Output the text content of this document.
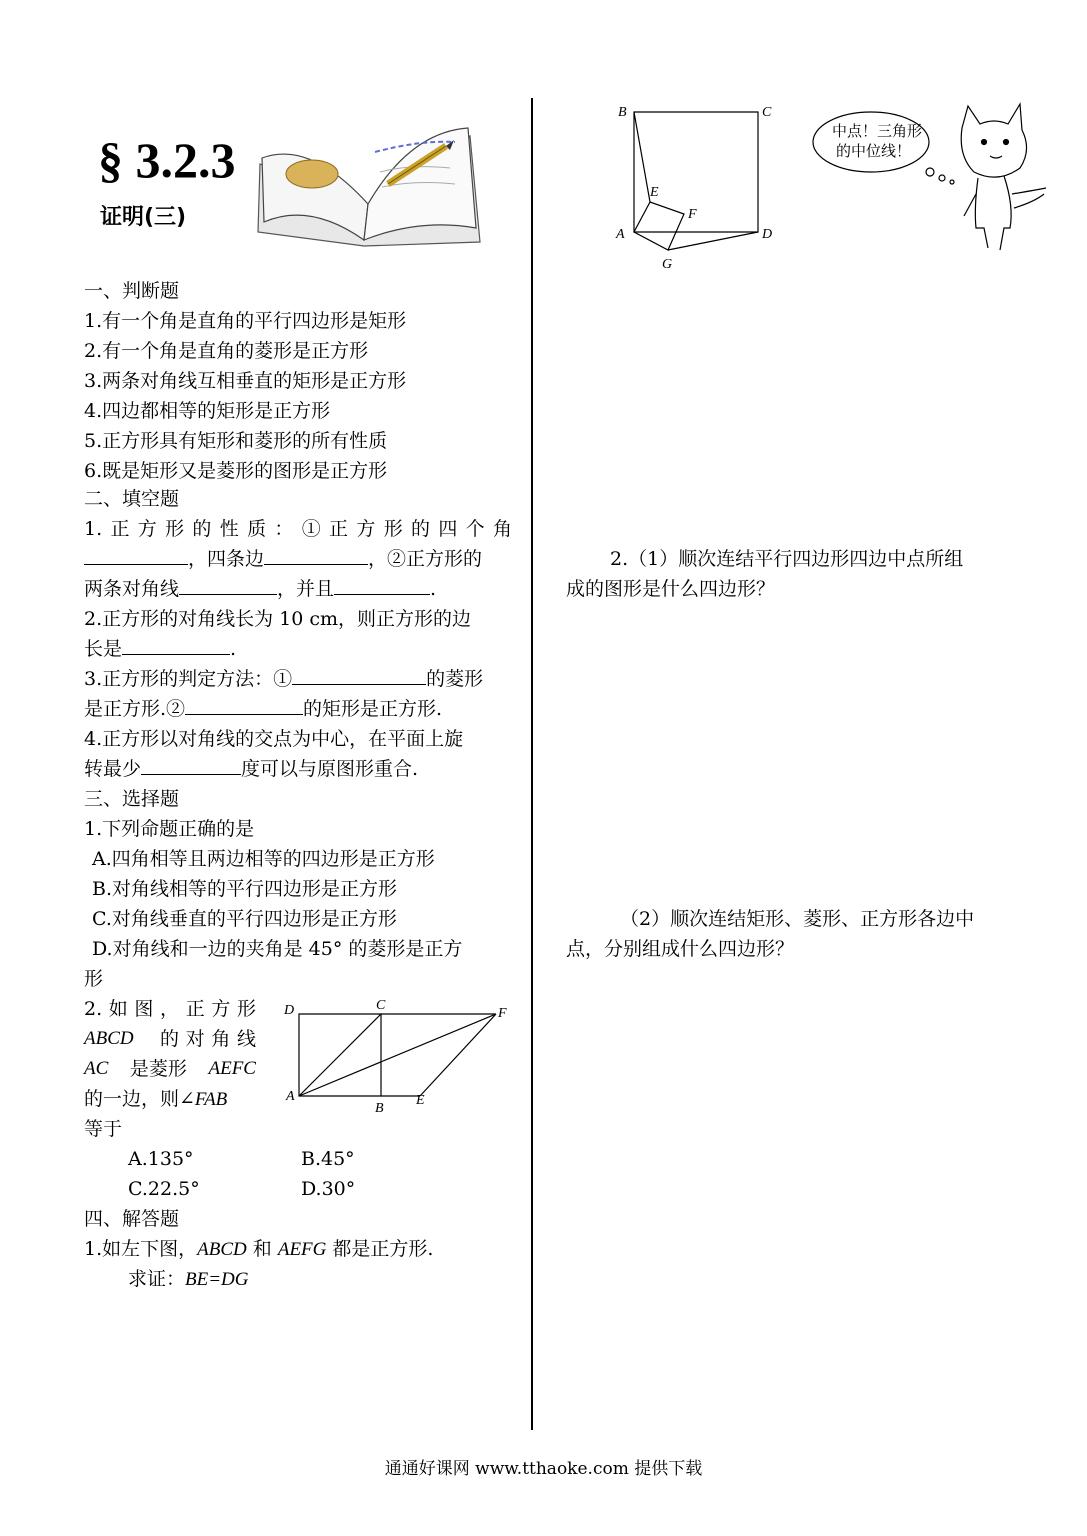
§ 3.2.3
证明(三)
一、判断题
1.有一个角是直角的平行四边形是矩形
2.有一个角是直角的菱形是正方形
3.两条对角线互相垂直的矩形是正方形
4.四边都相等的矩形是正方形
5.正方形具有矩形和菱形的所有性质
6.既是矩形又是菱形的图形是正方形
二、填空题
1.正方形的性质：①正方形的四个角
，四条边	，②正方形的
两条对角线	，并且	.
2.正方形的对角线长为 10 cm，则正方形的边
长是	.
3.正方形的判定方法：①	的菱形
是正方形.②	的矩形是正方形.
4.正方形以对角线的交点为中心，在平面上旋
转最少	度可以与原图形重合.
三、选择题
1.下列命题正确的是
A.四角相等且两边相等的四边形是正方形
B.对角线相等的平行四边形是正方形
C.对角线垂直的平行四边形是正方形
D.对角线和一边的夹角是 45° 的菱形是正方
形
2.如图，正方形
ABCD 的对角线
AC 是菱形 AEFC
的一边，则∠FAB
等于
A.135°	B.45°
C.22.5°	D.30°
D	C
F
A
B
E
四、解答题
1.如左下图，ABCD 和 AEFG 都是正方形.
求证：BE=DG
B	C
E
F
A	D
G
中点！三角形
的中位线！
2.（1）顺次连结平行四边形四边中点所组
成的图形是什么四边形？
（2）顺次连结矩形、菱形、正方形各边中
点，分别组成什么四边形？
通通好课网 www.tthaoke.com 提供下载
